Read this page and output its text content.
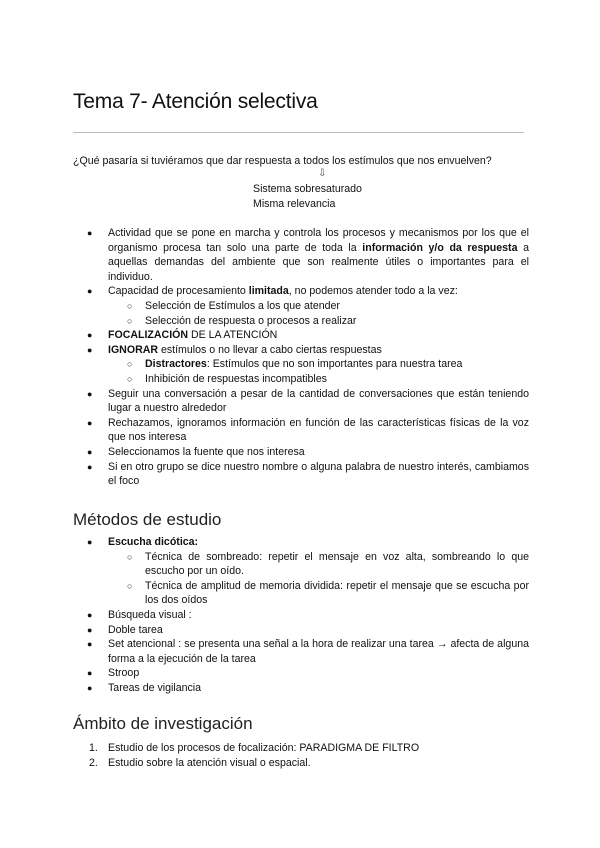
Tema 7- Atención selectiva
¿Qué pasaría si tuviéramos que dar respuesta a todos los estímulos que nos envuelven?
⇩
Sistema sobresaturado
Misma relevancia
● Actividad que se pone en marcha y controla los procesos y mecanismos por los que el organismo procesa tan solo una parte de toda la información y/o da respuesta a aquellas demandas del ambiente que son realmente útiles o importantes para el individuo.
● Capacidad de procesamiento limitada, no podemos atender todo a la vez:
○ Selección de Estímulos a los que atender
○ Selección de respuesta o procesos a realizar
● FOCALIZACIÓN DE LA ATENCIÓN
● IGNORAR estímulos o no llevar a cabo ciertas respuestas
○ Distractores: Estímulos que no son importantes para nuestra tarea
○ Inhibición de respuestas incompatibles
● Seguir una conversación a pesar de la cantidad de conversaciones que están teniendo lugar a nuestro alrededor
● Rechazamos, ignoramos información en función de las características físicas de la voz que nos interesa
● Seleccionamos la fuente que nos interesa
● Si en otro grupo se dice nuestro nombre o alguna palabra de nuestro interés, cambiamos el foco
Métodos de estudio
● Escucha dicótica:
○ Técnica de sombreado: repetir el mensaje en voz alta, sombreando lo que escucho por un oído.
○ Técnica de amplitud de memoria dividida: repetir el mensaje que se escucha por los dos oídos
● Búsqueda visual :
● Doble tarea
● Set atencional : se presenta una señal a la hora de realizar una tarea → afecta de alguna forma a la ejecución de la tarea
● Stroop
● Tareas de vigilancia
Ámbito de investigación
1. Estudio de los procesos de focalización: PARADIGMA DE FILTRO
2. Estudio sobre la atención visual o espacial.
